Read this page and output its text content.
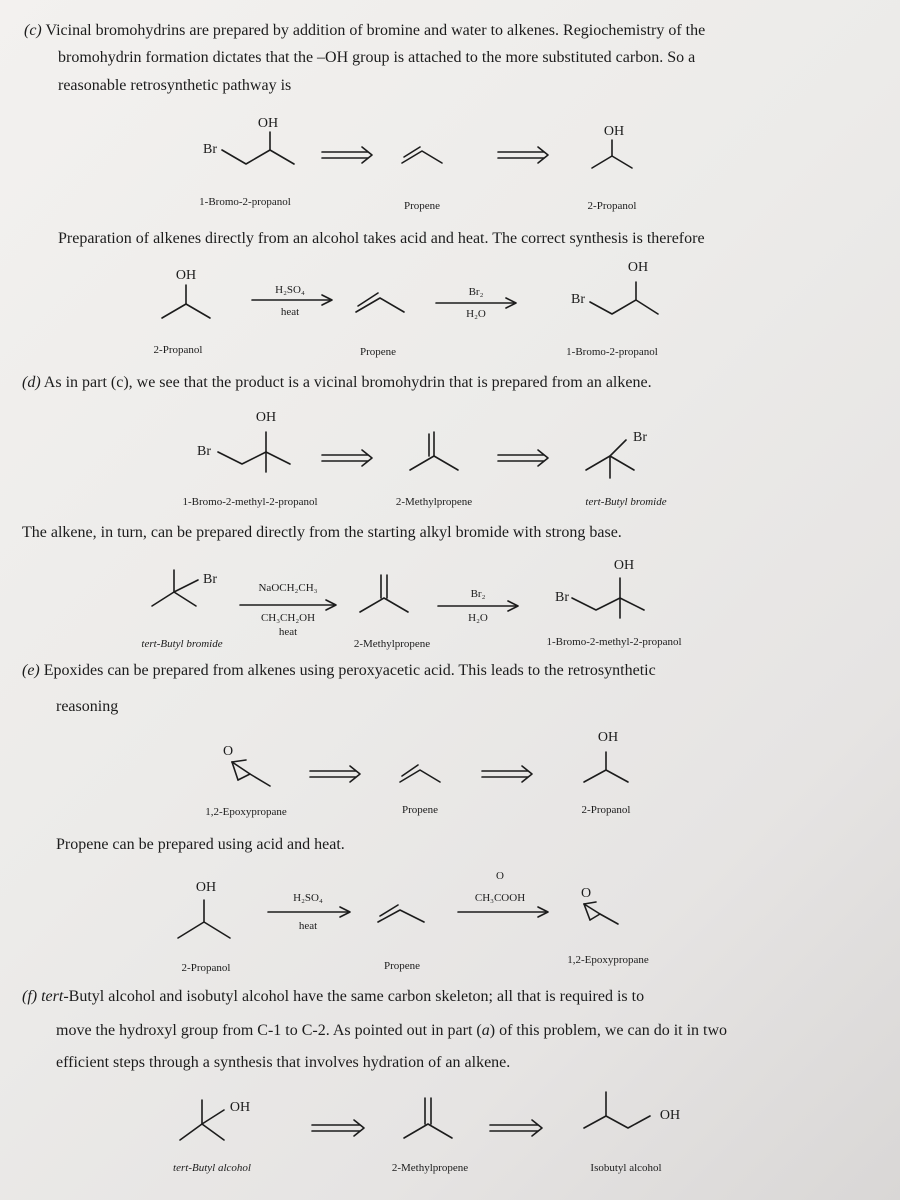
(c) Vicinal bromohydrins are prepared by addition of bromine and water to alkenes. Regiochemistry of the
bromohydrin formation dictates that the –OH group is attached to the more substituted carbon. So a
reasonable retrosynthetic pathway is
OH
Br
OH
1-Bromo-2-propanol	Propene	2-Propanol
Preparation of alkenes directly from an alcohol takes acid and heat. The correct synthesis is therefore
OH
H₂SO₄
heat
Br₂
H₂O
OH
Br
2-Propanol	Propene	1-Bromo-2-propanol
(d) As in part (c), we see that the product is a vicinal bromohydrin that is prepared from an alkene.
OH
Br
Br
1-Bromo-2-methyl-2-propanol	2-Methylpropene	tert-Butyl bromide
The alkene, in turn, can be prepared directly from the starting alkyl bromide with strong base.
Br
NaOCH₂CH₃
CH₃CH₂OH
heat
Br₂
H₂O
OH
Br
tert-Butyl bromide	2-Methylpropene	1-Bromo-2-methyl-2-propanol
(e) Epoxides can be prepared from alkenes using peroxyacetic acid. This leads to the retrosynthetic
reasoning
O
OH
1,2-Epoxypropane	Propene	2-Propanol
Propene can be prepared using acid and heat.
OH
H₂SO₄
heat
O
CH₃COOH	O
2-Propanol	Propene	1,2-Epoxypropane
(f) tert-Butyl alcohol and isobutyl alcohol have the same carbon skeleton; all that is required is to
move the hydroxyl group from C-1 to C-2. As pointed out in part (a) of this problem, we can do it in two
efficient steps through a synthesis that involves hydration of an alkene.
OH
OH
tert-Butyl alcohol	2-Methylpropene	Isobutyl alcohol
